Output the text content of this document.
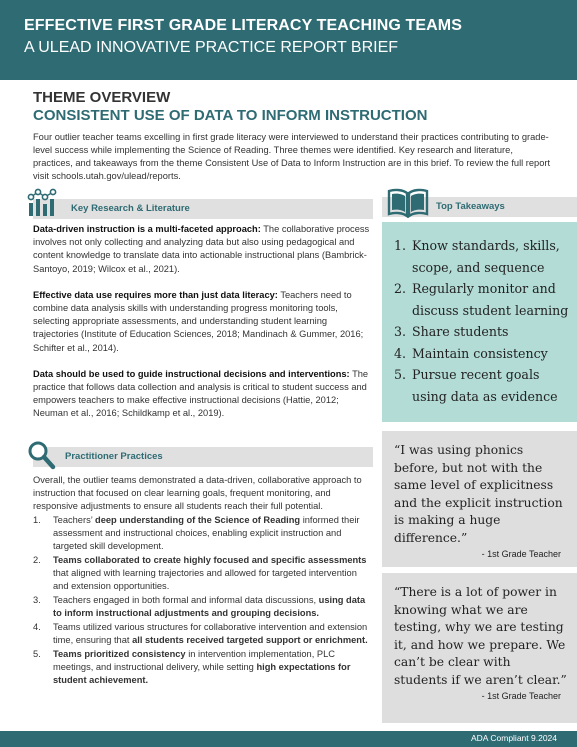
EFFECTIVE FIRST GRADE LITERACY TEACHING TEAMS
A ULEAD INNOVATIVE PRACTICE REPORT BRIEF
THEME OVERVIEW
CONSISTENT USE OF DATA TO INFORM INSTRUCTION
Four outlier teacher teams excelling in first grade literacy were interviewed to understand their practices contributing to grade-level success while implementing the Science of Reading. Three themes were identified. Key research and literature, practices, and takeaways from the theme Consistent Use of Data to Inform Instruction are in this brief. To review the full report visit schools.utah.gov/ulead/reports.
Key Research & Literature

Data-driven instruction is a multi-faceted approach: The collaborative process involves not only collecting and analyzing data but also using pedagogical and content knowledge to translate data into actionable instructional plans (Bambrick-Santoyo, 2019; Wilcox et al., 2021).

Effective data use requires more than just data literacy: Teachers need to combine data analysis skills with understanding progress monitoring tools, selecting appropriate assessments, and understanding student learning trajectories (Institute of Education Sciences, 2018; Mandinach & Gummer, 2016; Schifter et al., 2014).

Data should be used to guide instructional decisions and interventions: The practice that follows data collection and analysis is critical to student success and empowers teachers to make effective instructional decisions (Hattie, 2012; Neuman et al., 2016; Schildkamp et al., 2019).

Practitioner Practices
Overall, the outlier teams demonstrated a data-driven, collaborative approach to instruction that focused on clear learning goals, frequent monitoring, and responsive adjustments to ensure all students reach their full potential.
1. Teachers’ deep understanding of the Science of Reading informed their assessment and instructional choices, enabling explicit instruction and targeted skill development.
2. Teams collaborated to create highly focused and specific assessments that aligned with learning trajectories and allowed for targeted intervention and extension opportunities.
3. Teachers engaged in both formal and informal data discussions, using data to inform instructional adjustments and grouping decisions.
4. Teams utilized various structures for collaborative intervention and extension time, ensuring that all students received targeted support or enrichment.
5. Teams prioritized consistency in intervention implementation, PLC meetings, and instructional delivery, while setting high expectations for student achievement.
Top Takeaways
1. Know standards, skills, scope, and sequence
2. Regularly monitor and discuss student learning
3. Share students
4. Maintain consistency
5. Pursue recent goals using data as evidence
“I was using phonics before, but not with the same level of explicitness and the explicit instruction is making a huge difference.”
- 1st Grade Teacher
“There is a lot of power in knowing what we are testing, why we are testing it, and how we prepare. We can’t be clear with students if we aren’t clear.”
- 1st Grade Teacher
ADA Compliant 9.2024
